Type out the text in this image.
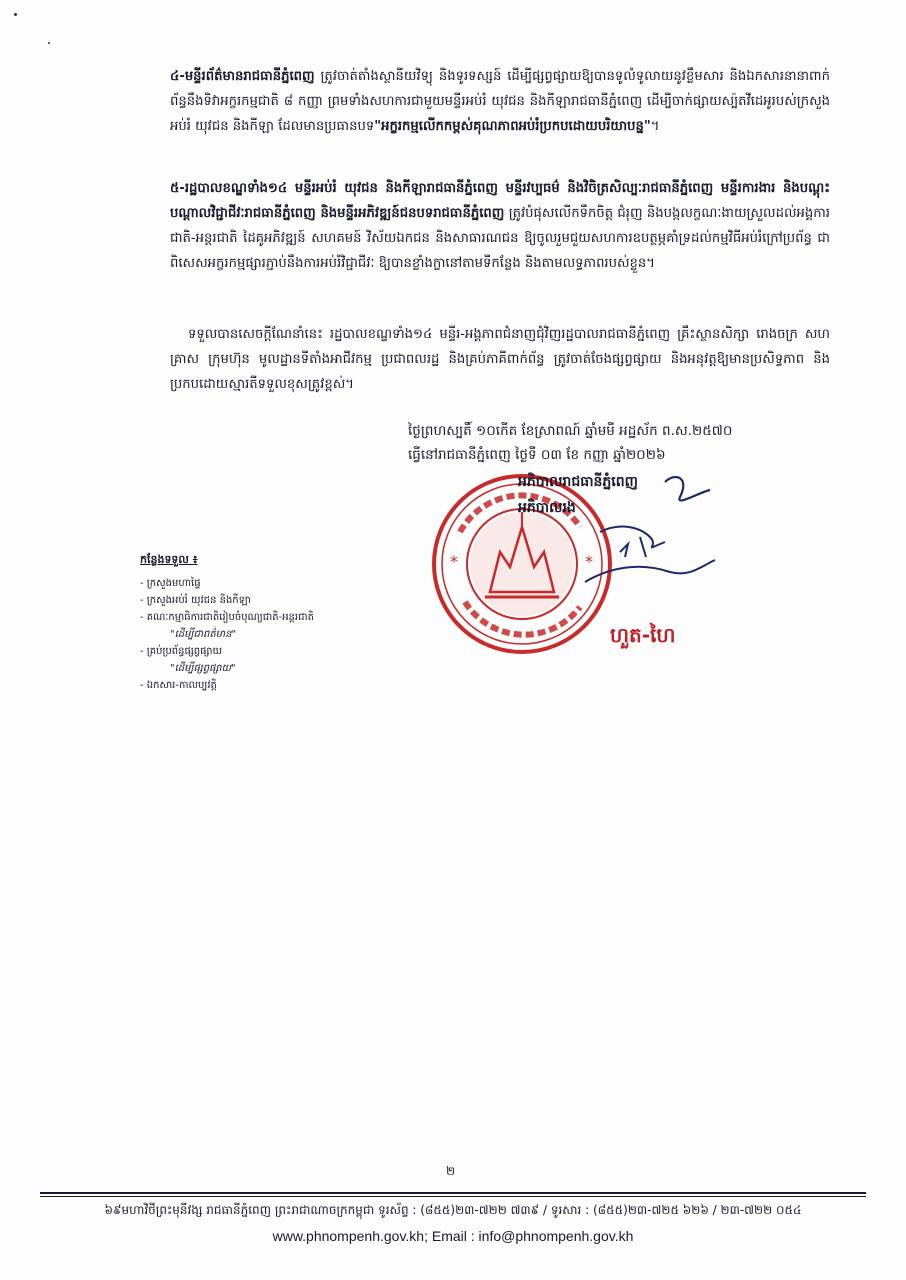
៤-មន្ទីរព័ត៌មានរាជធានីភ្នំពេញ ត្រូវចាត់តាំងស្ថានីយវិទ្យុ និងទូរទស្សន៍ ដើម្បីផ្សព្វផ្សាយឱ្យបានទូលំទូលាយនូវខ្លឹមសារ និងឯកសារនានាពាក់ព័ន្ធនឹងទិវាអក្ខរកម្មជាតិ ៨ កញ្ញា ព្រមទាំងសហការជាមួយមន្ទីរអប់រំ យុវជន និងកីឡារាជធានីភ្នំពេញ ដើម្បីចាក់ផ្សាយស្ប៉តវីដេអូរបស់ក្រសួងអប់រំ យុវជន និងកីឡា ដែលមានប្រធានបទ"អក្ខរកម្មលើកកម្ពស់គុណភាពអប់រំប្រកបដោយបរិយាបន្ន"។
៥-រដ្ឋបាលខណ្ឌទាំង១៤ មន្ទីរអប់រំ យុវជន និងកីឡារាជធានីភ្នំពេញ មន្ទីរវប្បធម៌ និងវិចិត្រសិល្បៈរាជធានីភ្នំពេញ មន្ទីរការងារ និងបណ្តុះបណ្តាលវិជ្ជាជីវៈរាជធានីភ្នំពេញ និងមន្ទីរអភិវឌ្ឍន៍ជនបទរាជធានីភ្នំពេញ ត្រូវបំផុសលើកទឹកចិត្ត ជំរុញ និងបង្កលក្ខណៈងាយស្រួលដល់អង្គការជាតិ-អន្តរជាតិ ដៃគូអភិវឌ្ឍន៍ សហគមន៍ វិស័យឯកជន និងសាធារណជន ឱ្យចូលរួមជួយសហការឧបត្ថម្ភគាំទ្រដល់កម្មវិធីអប់រំក្រៅប្រព័ន្ធ ជាពិសេសអក្ខរកម្មផ្សារភ្ជាប់នឹងការអប់រំវិជ្ជាជីវៈ ឱ្យបានខ្លាំងក្លានៅតាមទីកន្លែង និងតាមលទ្ធភាពរបស់ខ្លួន។
ទទួលបានសេចក្តីណែនាំនេះ រដ្ឋបាលខណ្ឌទាំង១៤ មន្ទីរ-អង្គភាពជំនាញជុំវិញរដ្ឋបាលរាជធានីភ្នំពេញ គ្រឹះស្ថានសិក្សា រោងចក្រ សហគ្រាស ក្រុមហ៊ុន មូលដ្ឋានទីតាំងអាជីវកម្ម ប្រជាពលរដ្ឋ និងគ្រប់ភាគីពាក់ព័ន្ធ ត្រូវចាត់ចែងផ្សព្វផ្សាយ និងអនុវត្តឱ្យមានប្រសិទ្ធភាព និងប្រកបដោយស្មារតីទទួលខុសត្រូវខ្ពស់។
ថ្ងៃព្រហស្បតិ៍ ១០កើត ខែស្រាពណ៍ ឆ្នាំមមី អដ្ឋស័ក ព.ស.២៥៧០
ធ្វើនៅរាជធានីភ្នំពេញ ថ្ងៃទី ០៣ ខែ កញ្ញា ឆ្នាំ២០២៦
*	*
អភិបាលរាជធានីភ្នំពេញ
អភិបាលរង
ហួត-ហៃ
កន្លែងទទួល ៖
- ក្រសួងមហាផ្ទៃ
- ក្រសួងអប់រំ យុវជន និងកីឡា
- គណៈកម្មាធិការជាតិរៀបចំបុណ្យជាតិ-អន្តរជាតិ
"ដើម្បីជាពត៌មាន"
- គ្រប់ប្រព័ន្ធផ្សព្វផ្សាយ
"ដើម្បីផ្សព្វផ្សាយ"
- ឯកសារ-កាលប្បវត្តិ
២
៦៩មហាវិថីព្រះមុនីវង្ស រាជធានីភ្នំពេញ ព្រះរាជាណាចក្រកម្ពុជា ទូរស័ព្ទ : (៨៥៥)២៣-៧២២ ៧៣៩ / ទូរសារ : (៨៥៥)២៣-៧២៥ ៦២៦ / ២៣-៧២២ ០៥៤
www.phnompenh.gov.kh; Email : info@phnompenh.gov.kh
